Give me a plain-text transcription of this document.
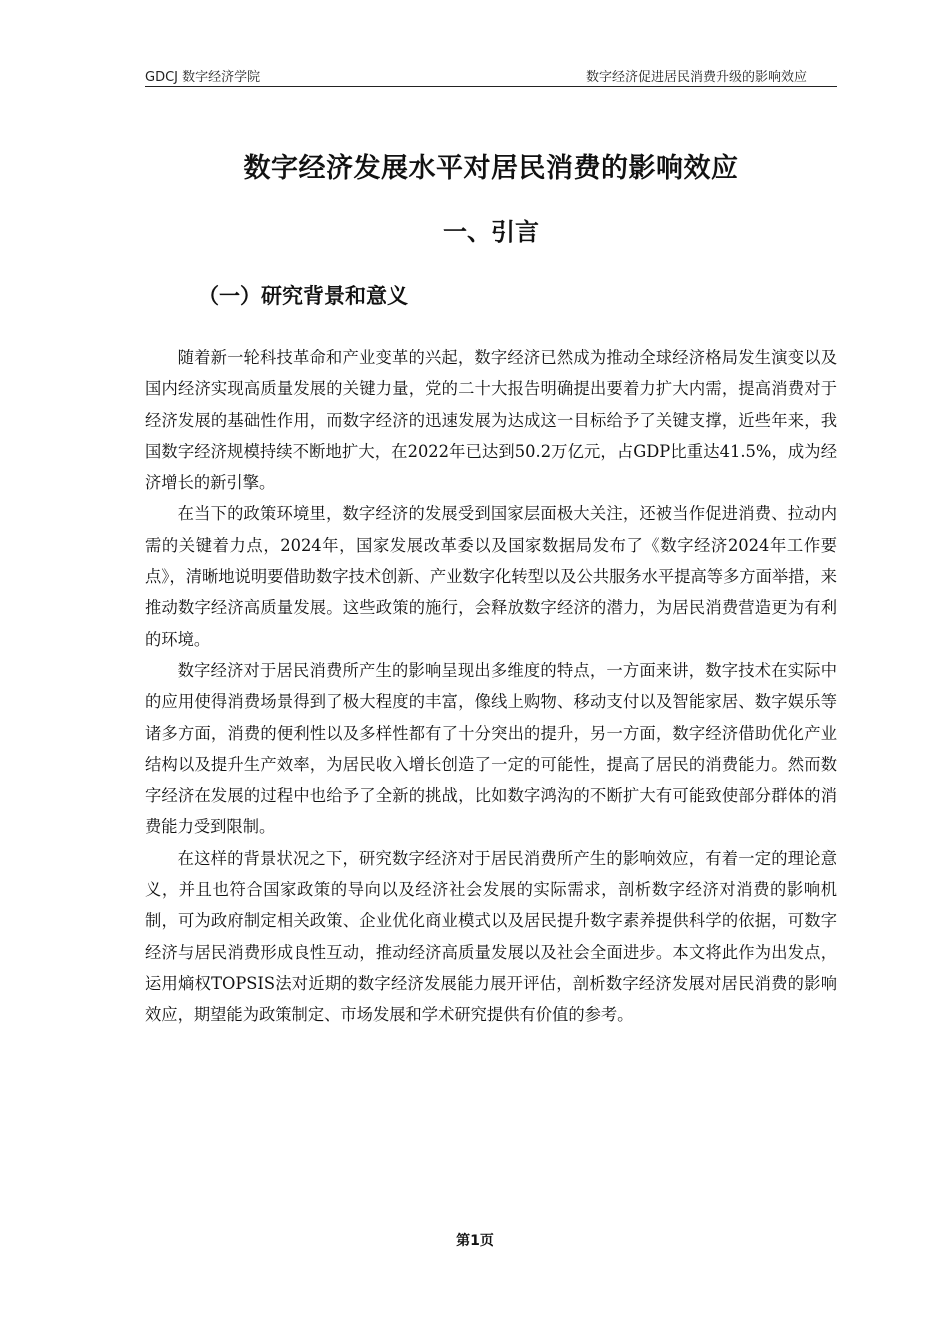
GDCJ 数字经济学院	数字经济促进居民消费升级的影响效应
数字经济发展水平对居民消费的影响效应
一、引言
（一）研究背景和意义

随着新一轮科技革命和产业变革的兴起，数字经济已然成为推动全球经济格局发生演变以及国内经济实现高质量发展的关键力量，党的二十大报告明确提出要着力扩大内需，提高消费对于经济发展的基础性作用，而数字经济的迅速发展为达成这一目标给予了关键支撑，近些年来，我国数字经济规模持续不断地扩大，在2022年已达到50.2万亿元，占GDP比重达41.5%，成为经济增长的新引擎。

在当下的政策环境里，数字经济的发展受到国家层面极大关注，还被当作促进消费、拉动内需的关键着力点，2024年，国家发展改革委以及国家数据局发布了《数字经济2024年工作要点》，清晰地说明要借助数字技术创新、产业数字化转型以及公共服务水平提高等多方面举措，来推动数字经济高质量发展。这些政策的施行，会释放数字经济的潜力，为居民消费营造更为有利的环境。

数字经济对于居民消费所产生的影响呈现出多维度的特点，一方面来讲，数字技术在实际中的应用使得消费场景得到了极大程度的丰富，像线上购物、移动支付以及智能家居、数字娱乐等诸多方面，消费的便利性以及多样性都有了十分突出的提升，另一方面，数字经济借助优化产业结构以及提升生产效率，为居民收入增长创造了一定的可能性，提高了居民的消费能力。然而数字经济在发展的过程中也给予了全新的挑战，比如数字鸿沟的不断扩大有可能致使部分群体的消费能力受到限制。

在这样的背景状况之下，研究数字经济对于居民消费所产生的影响效应，有着一定的理论意义，并且也符合国家政策的导向以及经济社会发展的实际需求，剖析数字经济对消费的影响机制，可为政府制定相关政策、企业优化商业模式以及居民提升数字素养提供科学的依据，可数字经济与居民消费形成良性互动，推动经济高质量发展以及社会全面进步。本文将此作为出发点，运用熵权TOPSIS法对近期的数字经济发展能力展开评估，剖析数字经济发展对居民消费的影响效应，期望能为政策制定、市场发展和学术研究提供有价值的参考。

第1页
